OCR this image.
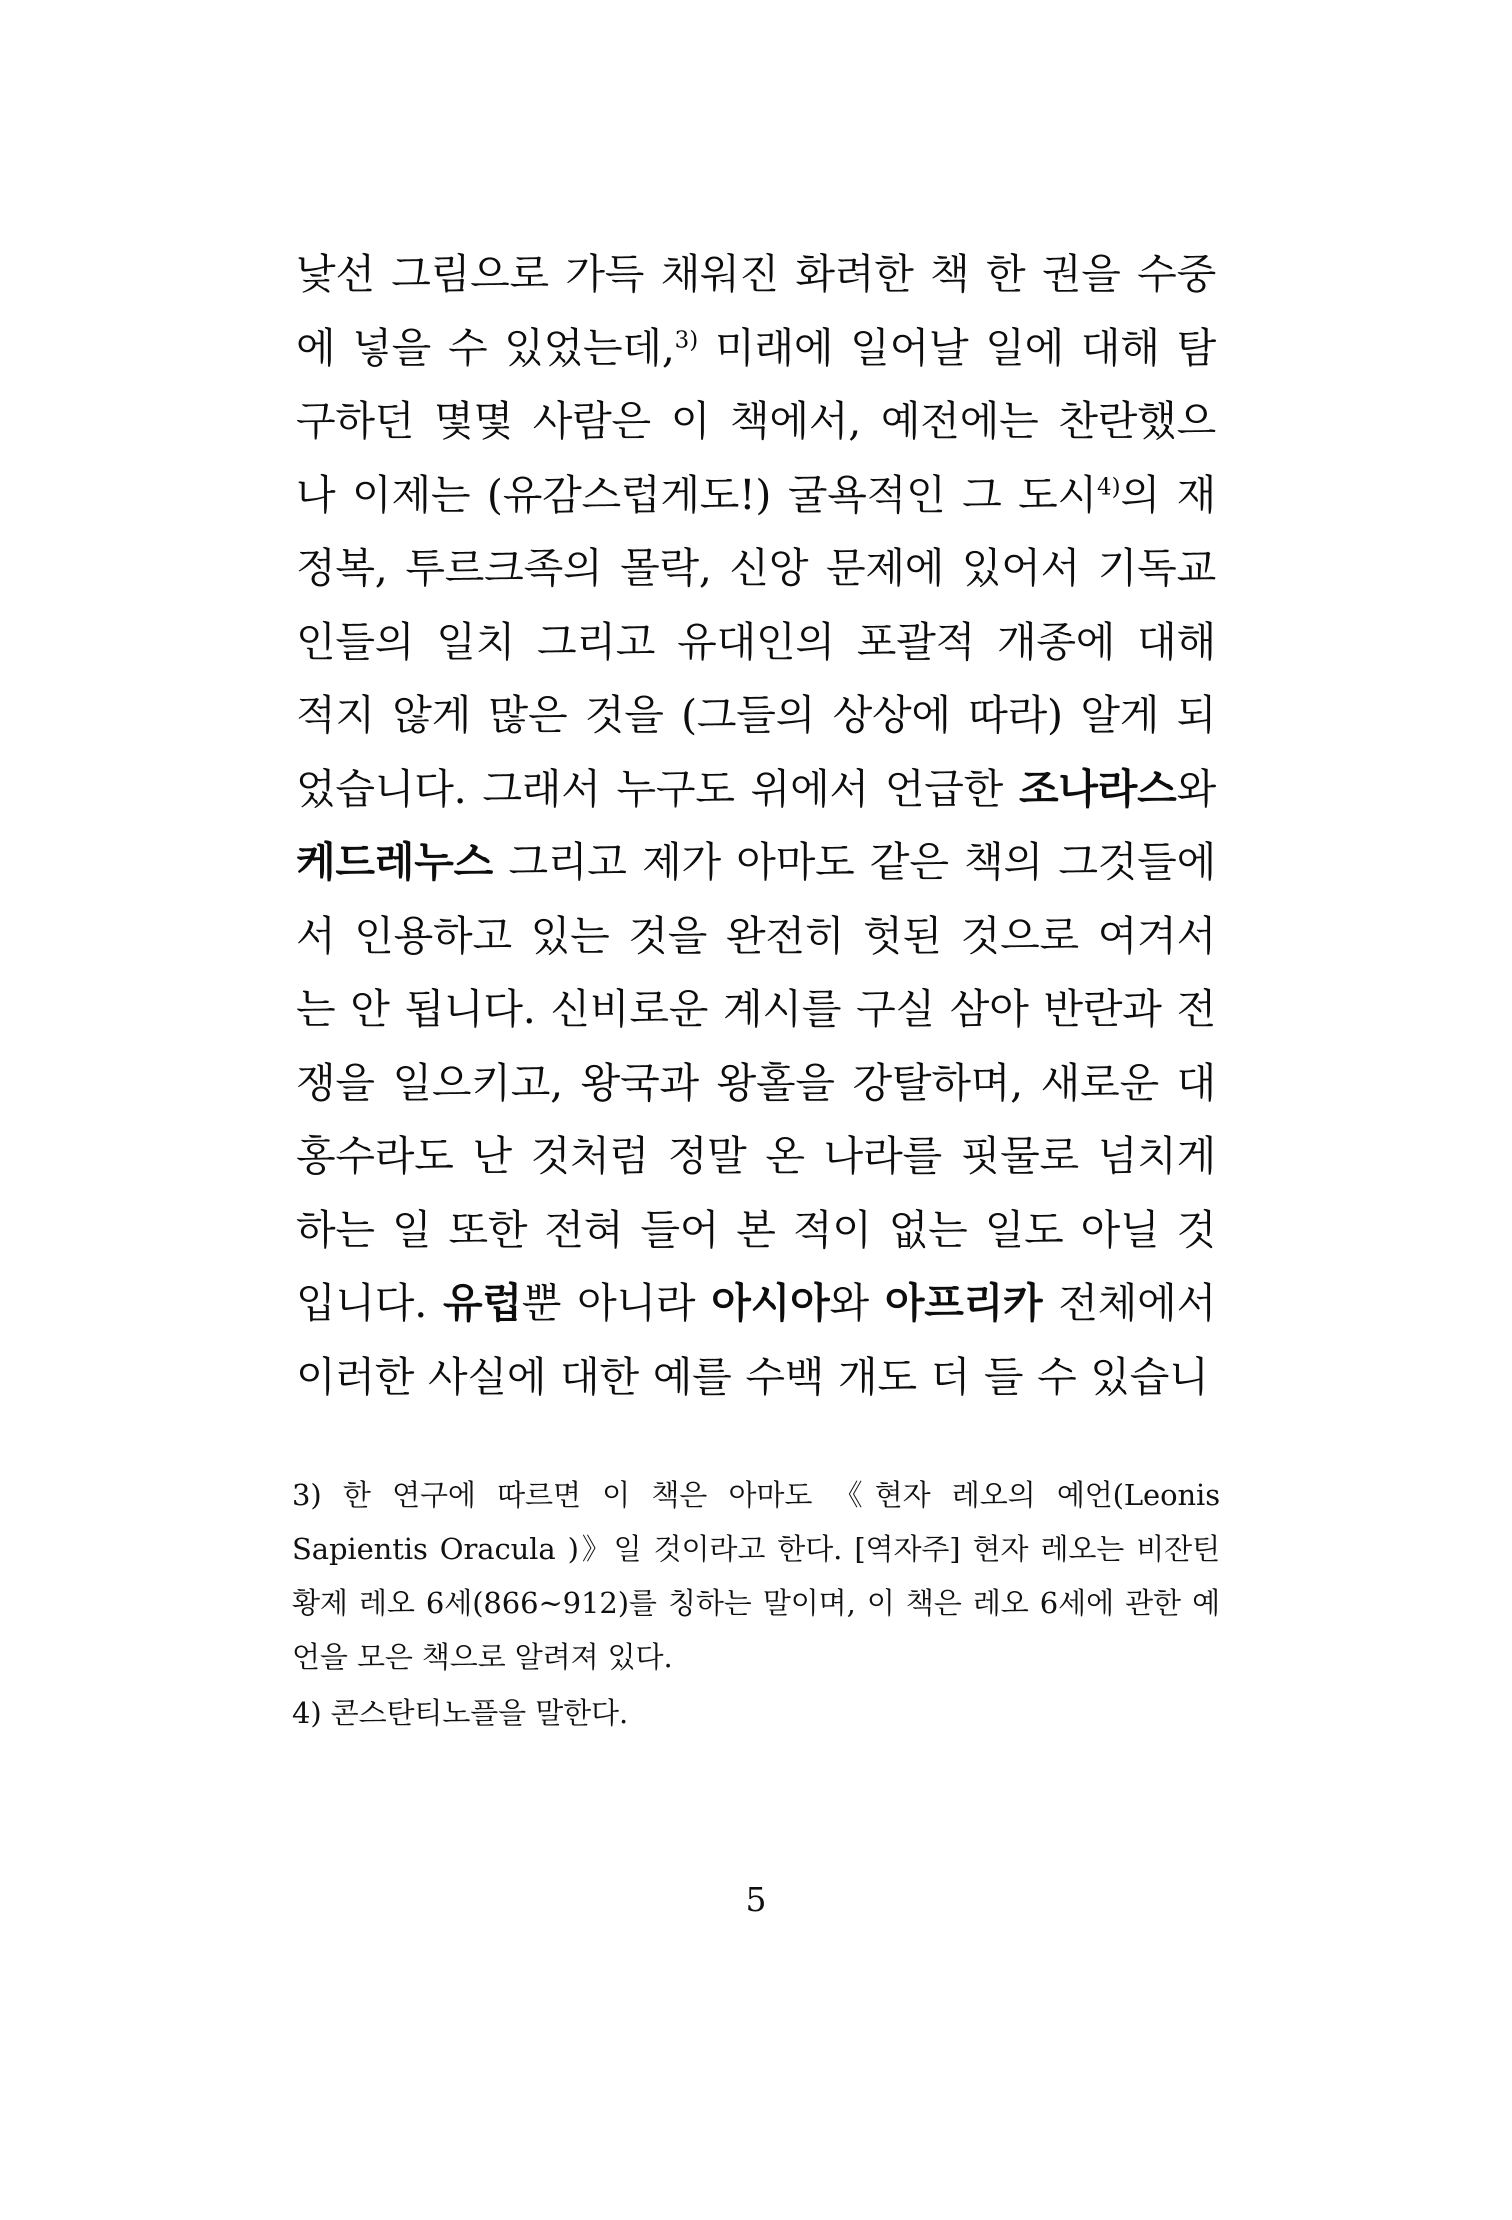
낯선 그림으로 가득 채워진 화려한 책 한 권을 수중에 넣을 수 있었는데,$^{3)}$ 미래에 일어날 일에 대해 탐구하던 몇몇 사람은 이 책에서, 예전에는 찬란했으나 이제는 (유감스럽게도!) 굴욕적인 그 도시$^{4)}$의 재정복, 투르크족의 몰락, 신앙 문제에 있어서 기독교인들의 일치 그리고 유대인의 포괄적 개종에 대해 적지 않게 많은 것을 (그들의 상상에 따라) 알게 되었습니다. 그래서 누구도 위에서 언급한 조나라스와 케드레누스 그리고 제가 아마도 같은 책의 그것들에서 인용하고 있는 것을 완전히 헛된 것으로 여겨서는 안 됩니다. 신비로운 계시를 구실 삼아 반란과 전쟁을 일으키고, 왕국과 왕홀을 강탈하며, 새로운 대홍수라도 난 것처럼 정말 온 나라를 핏물로 넘치게 하는 일 또한 전혀 들어 본 적이 없는 일도 아닐 것입니다. 유럽뿐 아니라 아시아와 아프리카 전체에서 이러한 사실에 대한 예를 수백 개도 더 들 수 있습니

3) 한 연구에 따르면 이 책은 아마도 《현자 레오의 예언(Leonis Sapientis Oracula )》일 것이라고 한다. [역자주] 현자 레오는 비잔틴 황제 레오 6세(866~912)를 칭하는 말이며, 이 책은 레오 6세에 관한 예언을 모은 책으로 알려져 있다.

4) 콘스탄티노플을 말한다.

5
